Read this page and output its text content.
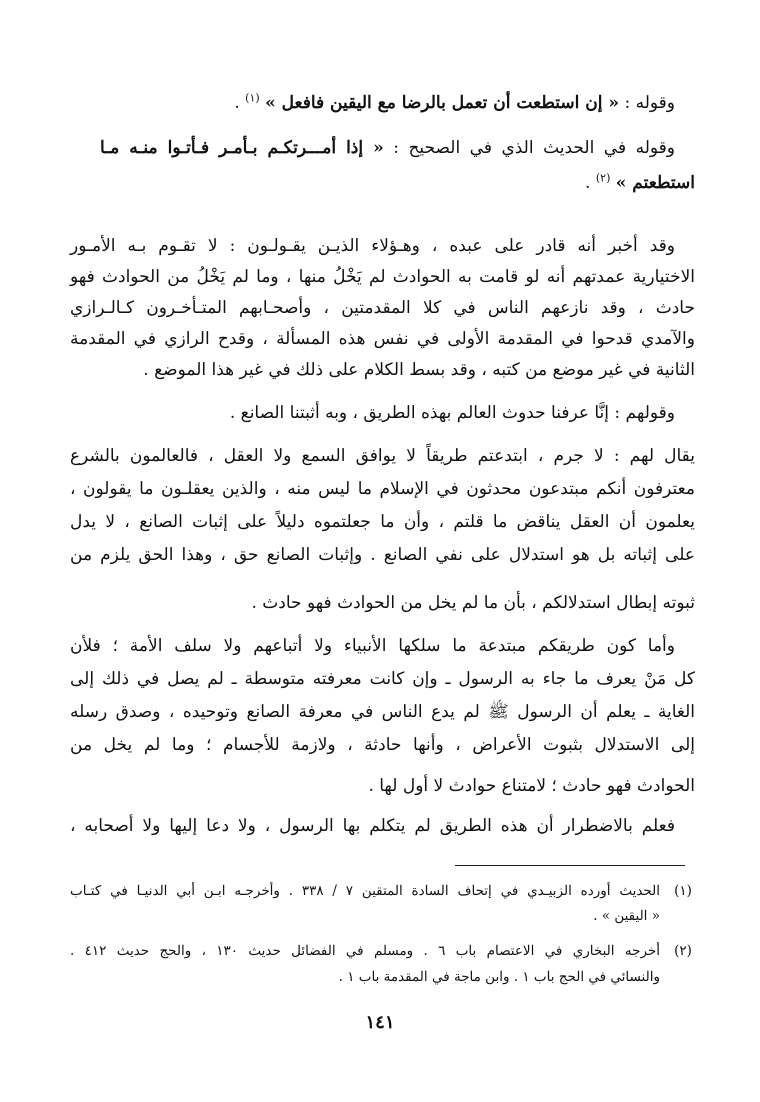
وقوله : « إن استطعت أن تعمل بالرضا مع اليقين فافعل » $^{(١)}$ .
وقوله في الحديث الذي في الصحيح : « إذا أمـــرتكـم بـأمـر فـأتـوا منـه مـا
استطعتم » $^{(٢)}$ .
وقد أخبر أنه قادر على عبده ، وهـؤلاء الذيـن يقـولـون : لا تقـوم بـه الأمـور
الاختيارية عمدتهم أنه لو قامت به الحوادث لم يَخْلُ منها ، وما لم يَخْلُ من الحوادث فهو
حادث ، وقد نازعهم الناس في كلا المقدمتين ، وأصحـابهم المتـأخـرون كـالـرازي
والآمدي قدحوا في المقدمة الأولى في نفس هذه المسألة ، وقدح الرازي في المقدمة
الثانية في غير موضع من كتبه ، وقد بسط الكلام على ذلك في غير هذا الموضع .
وقولهم : إنَّا عرفنا حدوث العالم بهذه الطريق ، وبه أثبتنا الصانع .
يقال لهم : لا جرم ، ابتدعتم طريقاً لا يوافق السمع ولا العقل ، فالعالمون بالشرع
معترفون أنكم مبتدعون محدثون في الإسلام ما ليس منه ، والذين يعقلـون ما يقولون ،
يعلمون أن العقل يناقض ما قلتم ، وأن ما جعلتموه دليلاً على إثبات الصانع ، لا يدل
على إثباته بل هو استدلال على نفي الصانع . وإثبات الصانع حق ، وهذا الحق يلزم من
ثبوته إبطال استدلالكم ، بأن ما لم يخل من الحوادث فهو حادث .
وأما كون طريقكم مبتدعة ما سلكها الأنبياء ولا أتباعهم ولا سلف الأمة ؛ فلأن
كل مَنْ يعرف ما جاء به الرسول ـ وإن كانت معرفته متوسطة ـ لم يصل في ذلك إلى
الغاية ـ يعلم أن الرسول ﷺ لم يدع الناس في معرفة الصانع وتوحيده ، وصدق رسله
إلى الاستدلال بثبوت الأعراض ، وأنها حادثة ، ولازمة للأجسام ؛ وما لم يخل من
الحوادث فهو حادث ؛ لامتناع حوادث لا أول لها .
فعلم بالاضطرار أن هذه الطريق لم يتكلم بها الرسول ، ولا دعا إليها ولا أصحابه ،
(١)
الحديث أورده الزبيـدي في إتحاف السادة المتقين ٧ / ٣٣٨ . وأخرجـه ابـن أبي الدنيـا في كتـاب
« اليقين » .
(٢)
أخرجه البخاري في الاعتصام باب ٦ . ومسلم في الفضائل حديث ١٣٠ ، والحج حديث ٤١٢ .
والنسائي في الحج باب ١ . وابن ماجة في المقدمة باب ١ .
١٤١
